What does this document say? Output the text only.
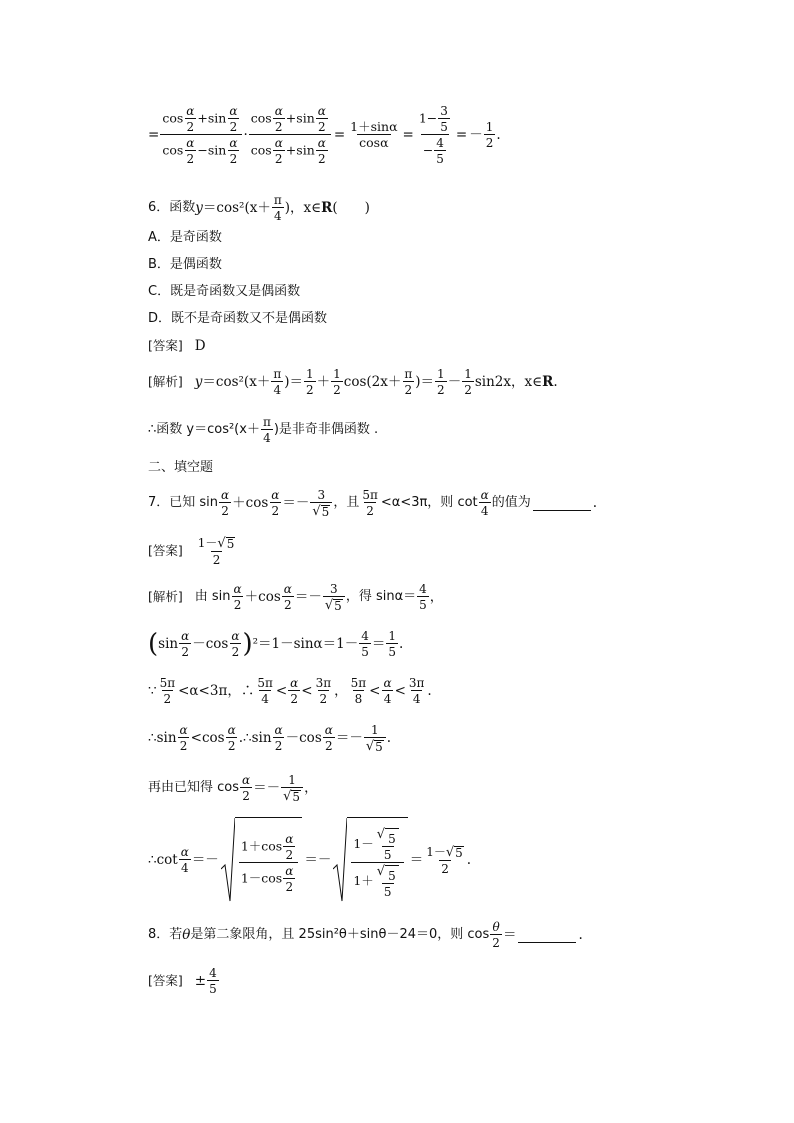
= $\frac{\cos \frac{\alpha}{2} +\sin \frac{\alpha}{2}}{\cos \frac{\alpha}{2} -\sin \frac{\alpha}{2}} \cdot \frac{\cos \frac{\alpha}{2} +\sin \frac{\alpha}{2}}{\cos \frac{\alpha}{2} +\sin \frac{\alpha}{2}} = \frac{1+\sin\alpha}{\cos\alpha} = \frac{1- \frac{3}{5}}{- \frac{4}{5}}$ = － $\frac{1}{2}$ .
6．函数 $y =\cos^2(x+ \frac{\pi}{4}$ )，x∈ R (　　)
A．是奇函数
B．是偶函数
C．既是奇函数又是偶函数
D．既不是奇函数又不是偶函数
[答案] D
[解析] $y =\cos^2(x+ \frac{\pi}{4}$ )＝ $\frac{1}{2} + \frac{1}{2} \cos(2x+ \frac{\pi}{2}$ )＝ $\frac{1}{2} - \frac{1}{2} \sin 2x$，x∈ R .
∴函数 $y=\cos^2(x+ \frac{\pi}{4}$ )是非奇非偶函数 .
二、填空题
7．已知 $\sin \frac{\alpha}{2} +\cos \frac{\alpha}{2} =- \frac{3}{√ 5}$ ，且 $\frac{5\pi}{2} <\alpha<3\pi$，则 $\cot \frac{\alpha}{4}$ 的值为	.
[答案] $\frac{1- √ 5}{2}$
[解析] 由 $\sin \frac{\alpha}{2} +\cos \frac{\alpha}{2} =- \frac{3}{√ 5}$ ，得 $\sin\alpha= \frac{4}{5}$ ，
( $\sin \frac{\alpha}{2} -\cos \frac{\alpha}{2}$ ) $^2=1-\sin\alpha=1- \frac{4}{5} = \frac{1}{5}$ .
∵ $\frac{5\pi}{2} <\alpha<3\pi$，∴ $\frac{5\pi}{4} < \frac{\alpha}{2} < \frac{3\pi}{2}$ ， $\frac{5\pi}{8} < \frac{\alpha}{4} < \frac{3\pi}{4}$ .
∴sin $\frac{\alpha}{2} <\cos \frac{\alpha}{2}$ .∴sin $\frac{\alpha}{2} -\cos \frac{\alpha}{2} =- \frac{1}{√ 5}$ .
再由已知得 $\cos \frac{\alpha}{2} =- \frac{1}{√ 5}$ ，
∴cot $\frac{\alpha}{4} =- \frac{1+\cos \frac{\alpha}{2}}{1-\cos \frac{\alpha}{2}} =- \frac{1- \frac{√ 5}{5}}{1+ \frac{√ 5}{5}} = \frac{1- √ 5}{2}$ .
8．若 θ 是第二象限角，且 25sin²θ＋sinθ－24＝0，则 $\cos \frac{\theta}{2}$ ＝	.
[答案] ± $\frac{4}{5}$
